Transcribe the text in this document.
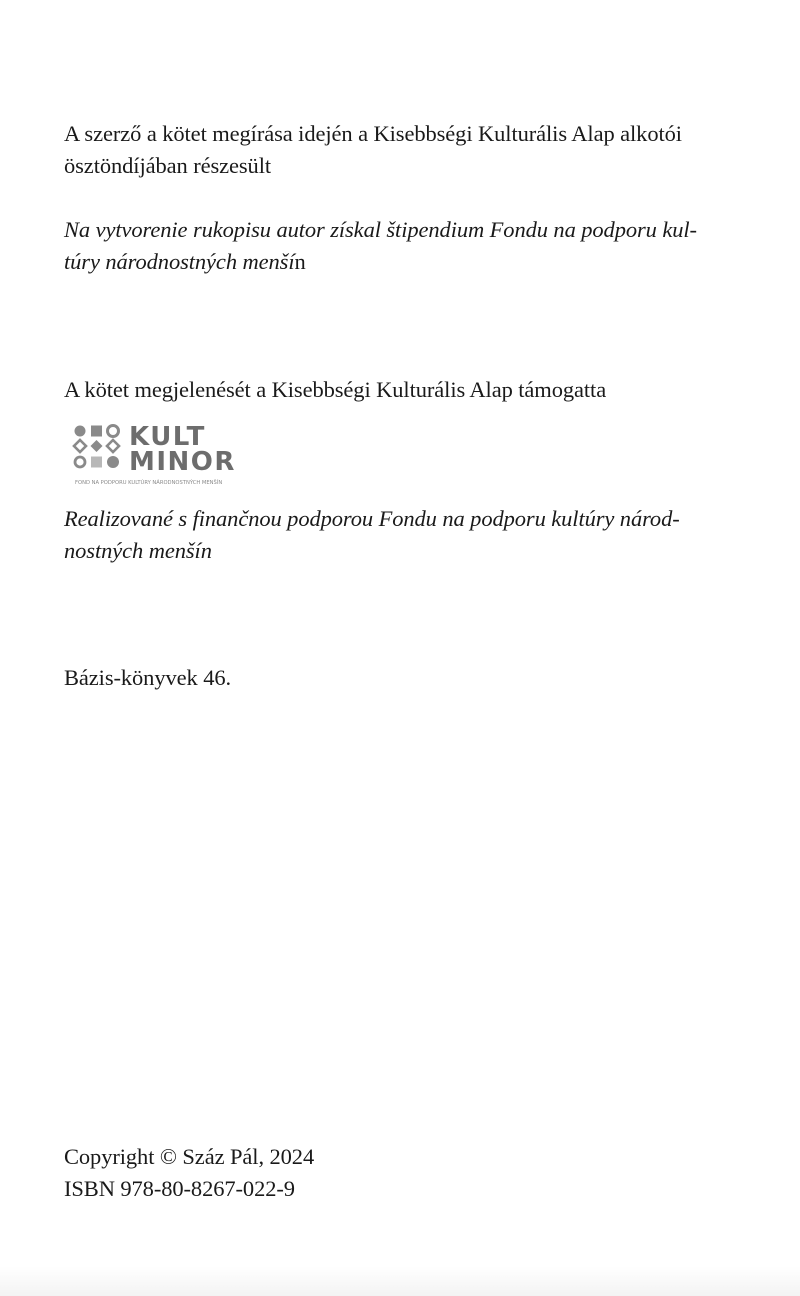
A szerző a kötet megírása idején a Kisebbségi Kulturális Alap alkotói
ösztöndíjában részesült
Na vytvorenie rukopisu autor získal štipendium Fondu na podporu kul-
túry národnostných menšín
A kötet megjelenését a Kisebbségi Kulturális Alap támogatta
KULT
MINOR
FOND NA PODPORU KULTÚRY NÁRODNOSTNÝCH MENŠÍN
Realizované s finančnou podporou Fondu na podporu kultúry národ-
nostných menšín
Bázis-könyvek 46.
Copyright © Száz Pál, 2024
ISBN 978-80-8267-022-9
